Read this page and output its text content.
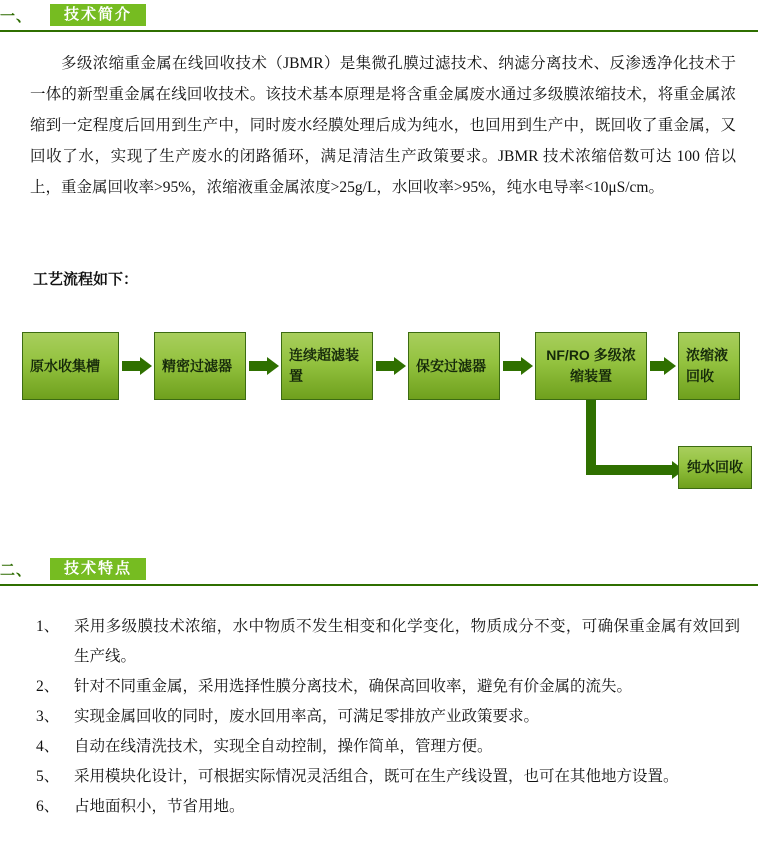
一、	技术简介
多级浓缩重金属在线回收技术（JBMR）是集微孔膜过滤技术、纳滤分离技术、反渗透净化技术于一体的新型重金属在线回收技术。该技术基本原理是将含重金属废水通过多级膜浓缩技术，将重金属浓缩到一定程度后回用到生产中，同时废水经膜处理后成为纯水，也回用到生产中，既回收了重金属，又回收了水，实现了生产废水的闭路循环，满足清洁生产政策要求。JBMR 技术浓缩倍数可达 100 倍以上，重金属回收率>95%，浓缩液重金属浓度>25g/L，水回收率>95%，纯水电导率<10μS/cm。
工艺流程如下：
原水收集槽	精密过滤器
连续超滤装置
保安过滤器
NF/RO 多级浓缩装置
浓缩液回收
纯水回收
二、	技术特点
1、 采用多级膜技术浓缩，水中物质不发生相变和化学变化，物质成分不变，可确保重金属有效回到生产线。
2、 针对不同重金属，采用选择性膜分离技术，确保高回收率，避免有价金属的流失。
3、 实现金属回收的同时，废水回用率高，可满足零排放产业政策要求。
4、 自动在线清洗技术，实现全自动控制，操作简单，管理方便。
5、 采用模块化设计，可根据实际情况灵活组合，既可在生产线设置，也可在其他地方设置。
6、 占地面积小，节省用地。
